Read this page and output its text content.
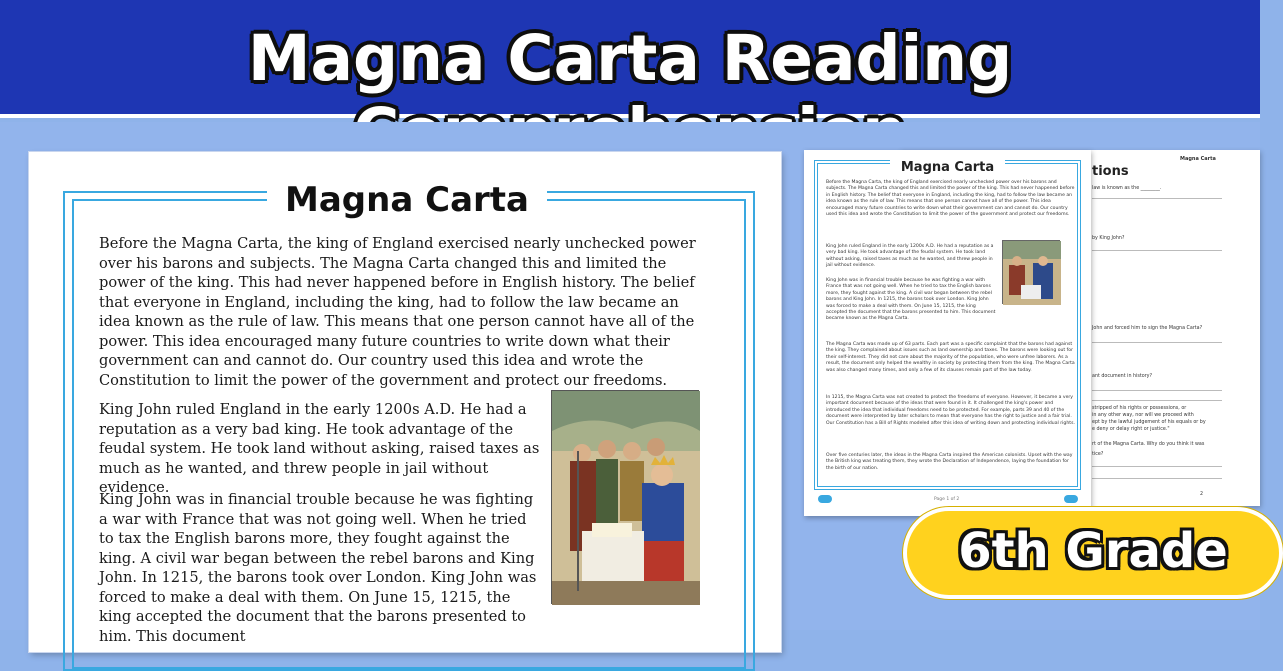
Magna Carta Reading
Magna Carta
tions
law is known as the ________.
by King John?
John and forced him to sign the Magna Carta?
ant document in history?
stripped of his rights or possessions, or
in any other way, nor will we proceed with
ept by the lawful judgement of his equals or by
e deny or delay right or justice."
rt of the Magna Carta. Why do you think it was
tice?
2
Magna Carta
Before the Magna Carta, the king of England exercised nearly unchecked power over his barons and subjects. The Magna Carta changed this and limited the power of the king. This had never happened before in English history. The belief that everyone in England, including the king, had to follow the law became an idea known as the rule of law. This means that one person cannot have all of the power. This idea encouraged many future countries to write down what their government can and cannot do. Our country used this idea and wrote the Constitution to limit the power of the government and protect our freedoms.
King John ruled England in the early 1200s A.D. He had a reputation as a very bad king. He took advantage of the feudal system. He took land without asking, raised taxes as much as he wanted, and threw people in jail without evidence.
King John was in financial trouble because he was fighting a war with France that was not going well. When he tried to tax the English barons more, they fought against the king. A civil war began between the rebel barons and King John. In 1215, the barons took over London. King John was forced to make a deal with them. On June 15, 1215, the king accepted the document that the barons presented to him. This document became known as the Magna Carta.
The Magna Carta was made up of 63 parts. Each part was a specific complaint that the barons had against the king. They complained about issues such as land ownership and taxes. The barons were looking out for their self-interest. They did not care about the majority of the population, who were unfree laborers. As a result, the document only helped the wealthy in society by protecting them from the king. The Magna Carta was also changed many times, and only a few of its clauses remain part of the law today.
In 1215, the Magna Carta was not created to protect the freedoms of everyone. However, it became a very important document because of the ideas that were found in it. It challenged the king's power and introduced the idea that individual freedoms need to be protected. For example, parts 39 and 40 of the document were interpreted by later scholars to mean that everyone has the right to justice and a fair trial. Our Constitution has a Bill of Rights modeled after this idea of writing down and protecting individual rights.
Over five centuries later, the ideas in the Magna Carta inspired the American colonists. Upset with the way the British king was treating them, they wrote the Declaration of Independence, laying the foundation for the birth of our nation.
Page 1 of 2
Magna Carta
Before the Magna Carta, the king of England exercised nearly unchecked power over his barons and subjects. The Magna Carta changed this and limited the power of the king. This had never happened before in English history. The belief that everyone in England, including the king, had to follow the law became an idea known as the rule of law. This means that one person cannot have all of the power. This idea encouraged many future countries to write down what their government can and cannot do. Our country used this idea and wrote the Constitution to limit the power of the government and protect our freedoms.
King John ruled England in the early 1200s A.D. He had a reputation as a very bad king. He took advantage of the feudal system. He took land without asking, raised taxes as much as he wanted, and threw people in jail without evidence.
King John was in financial trouble because he was fighting a war with France that was not going well. When he tried to tax the English barons more, they fought against the king. A civil war began between the rebel barons and King John. In 1215, the barons took over London. King John was forced to make a deal with them. On June 15, 1215, the king accepted the document that the barons presented to him. This document
6th Grade
